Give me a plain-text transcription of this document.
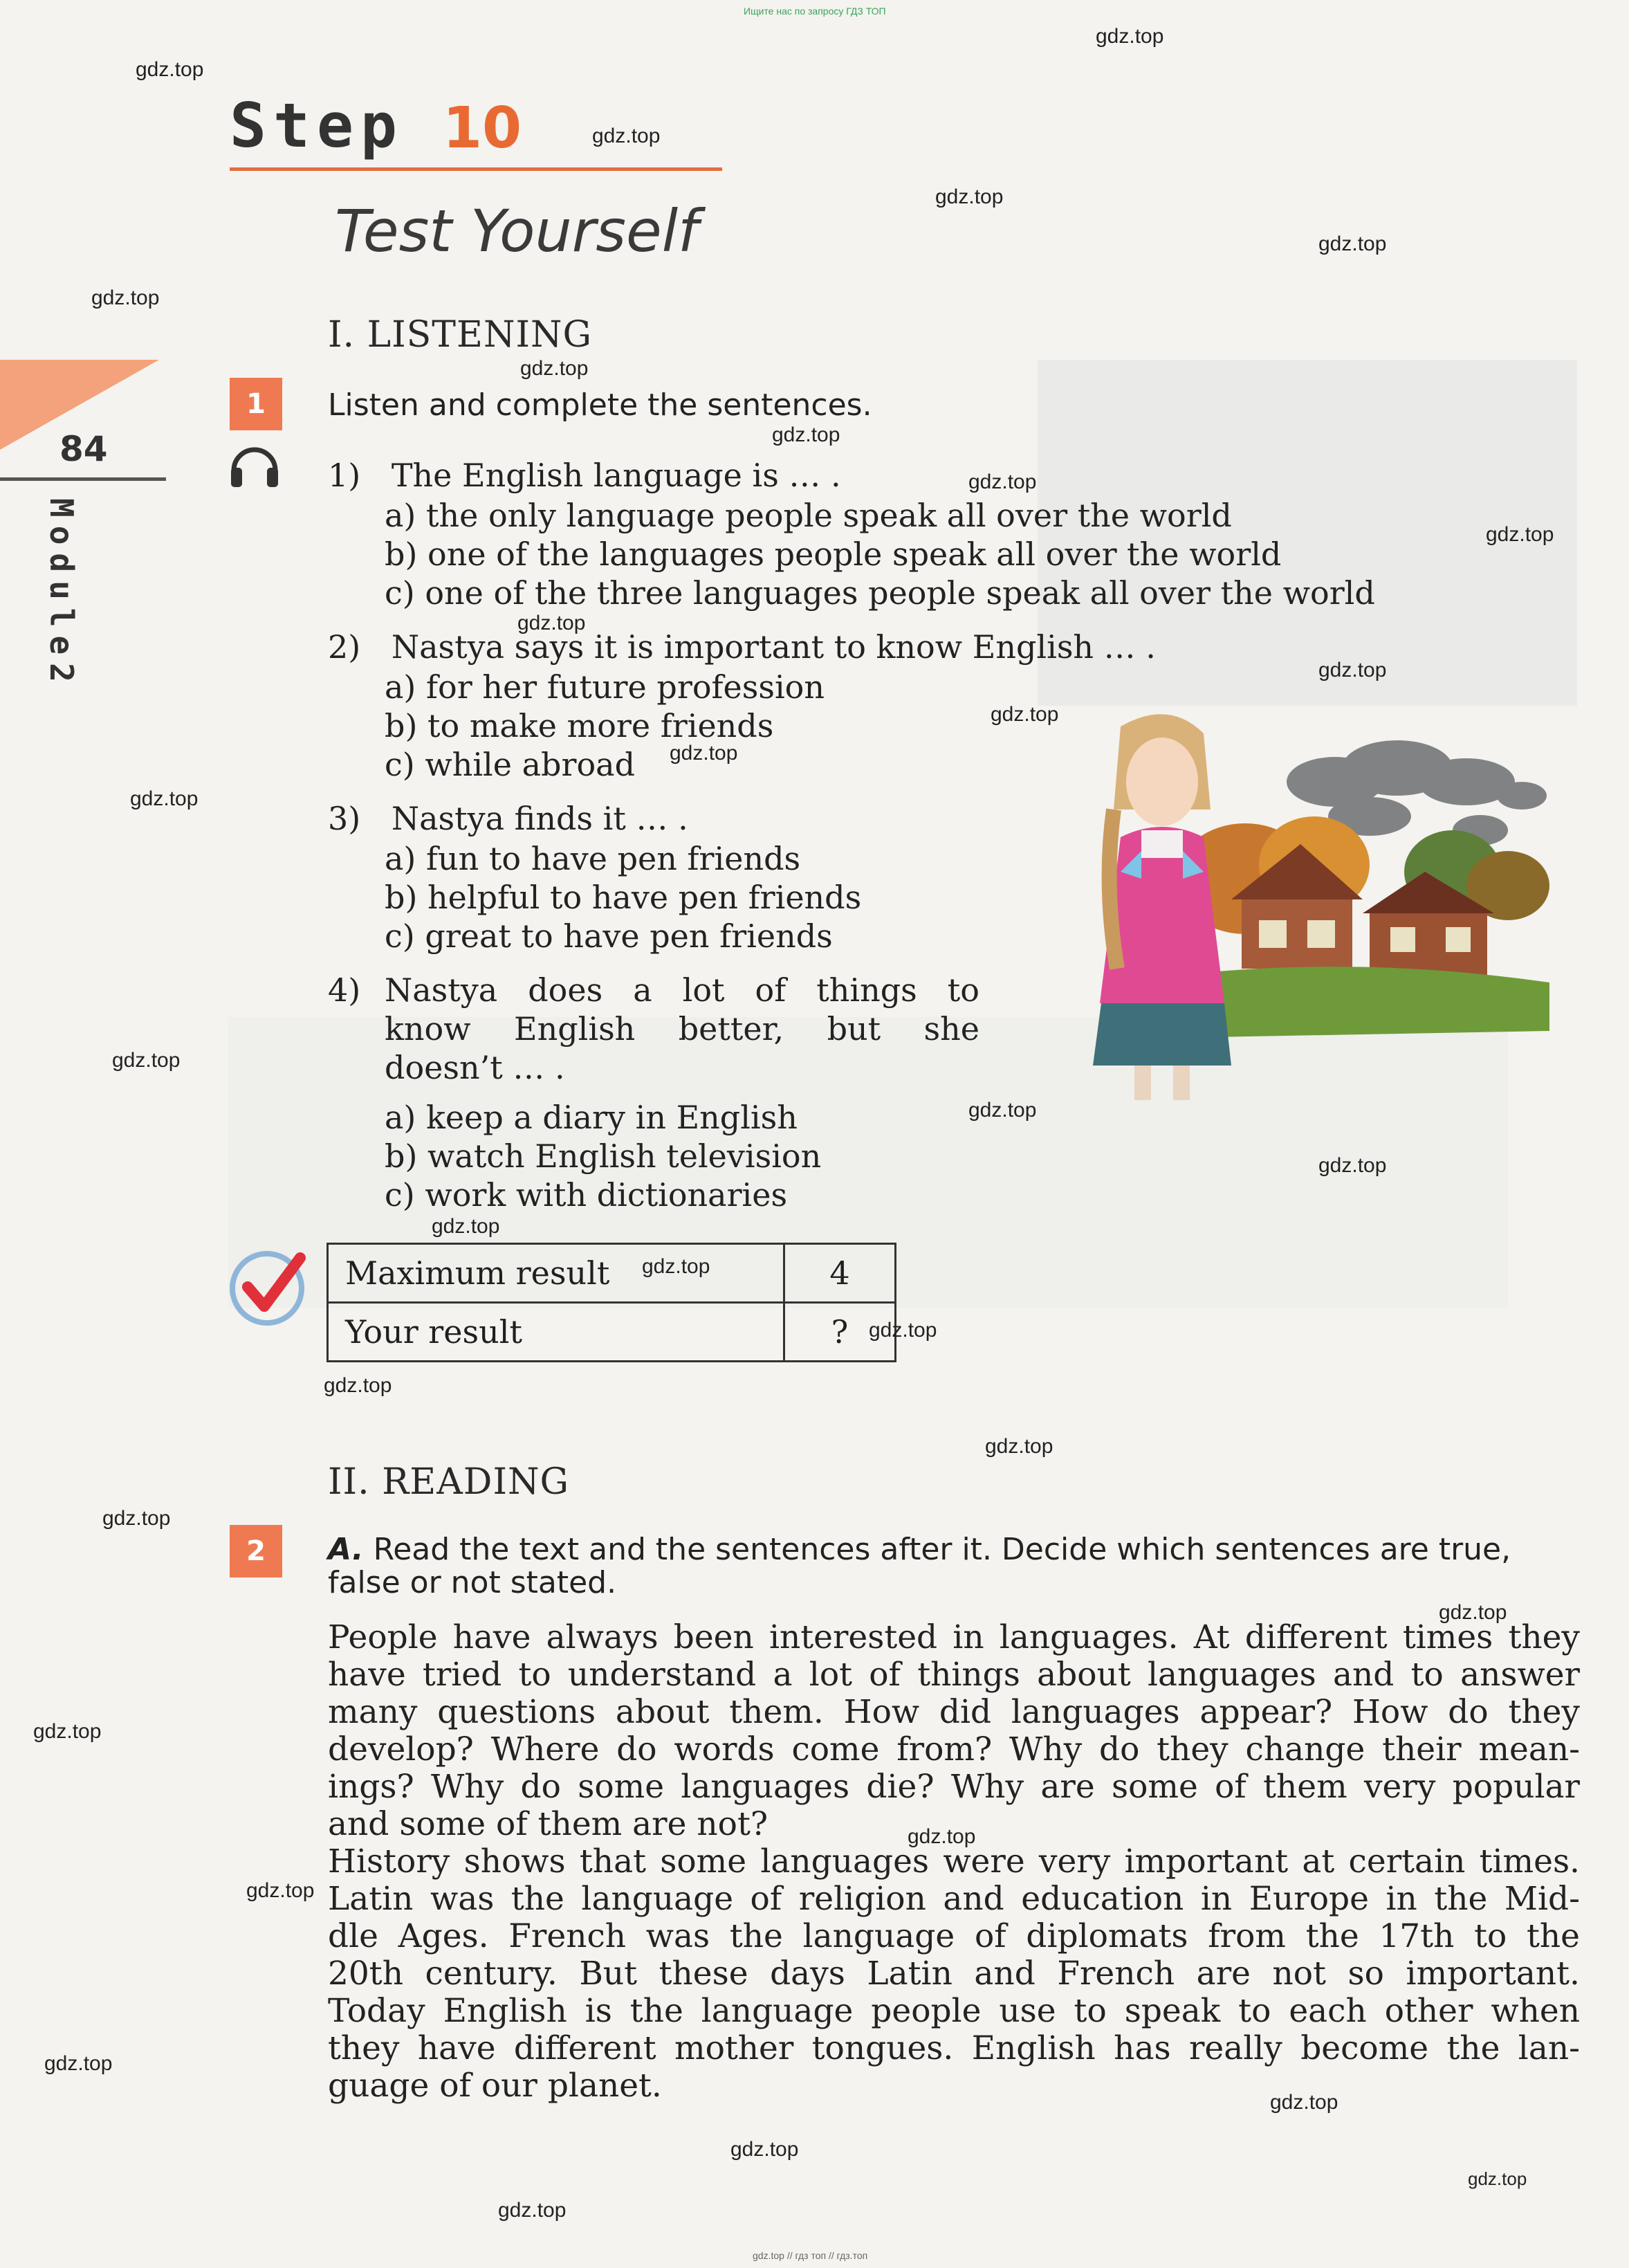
84
Module2
Step 10
Test Yourself
I. LISTENING
1	Listen and complete the sentences.
1) The English language is … .
a) the only language people speak all over the world
b) one of the languages people speak all over the world
c) one of the three languages people speak all over the world
2) Nastya says it is important to know English … .
a) for her future profession
b) to make more friends
c) while abroad
3) Nastya finds it … .
a) fun to have pen friends
b) helpful to have pen friends
c) great to have pen friends
4) Nastya does a lot of things to
know English better, but she
doesn’t … .
a) keep a diary in English
b) watch English television
c) work with dictionaries
Maximum result	4
Your result	?
II. READING
2	A. Read the text and the sentences after it. Decide which sentences are true, false or not stated.
People have always been interested in languages. At different times they
have tried to understand a lot of things about languages and to answer
many questions about them. How did languages appear? How do they
develop? Where do words come from? Why do they change their mean-
ings? Why do some languages die? Why are some of them very popular
and some of them are not?
History shows that some languages were very important at certain times.
Latin was the language of religion and education in Europe in the Mid-
dle Ages. French was the language of diplomats from the 17th to the
20th century. But these days Latin and French are not so important.
Today English is the language people use to speak to each other when
they have different mother tongues. English has really become the lan-
guage of our planet.
Ищите нас по запросу ГДЗ ТОП
gdz.top // гдз топ // гдз.топ
gdz.top
gdz.top
gdz.top
gdz.top
gdz.top
gdz.top
gdz.top
gdz.top
gdz.top
gdz.top
gdz.top
gdz.top
gdz.top
gdz.top
gdz.top
gdz.top
gdz.top
gdz.top
gdz.top
gdz.top
gdz.top
gdz.top
gdz.top
gdz.top
gdz.top
gdz.top
gdz.top
gdz.top
gdz.top
gdz.top
gdz.top
gdz.top
gdz.top
